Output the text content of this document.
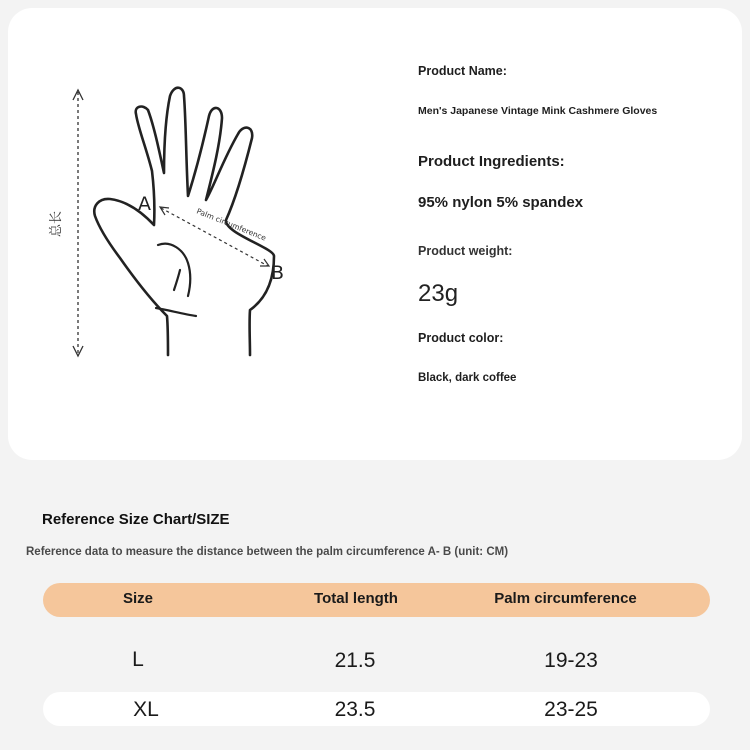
总长
A
B
Palm circumference
Product Name:
Men's Japanese Vintage Mink Cashmere Gloves
Product Ingredients:
95% nylon 5% spandex
Product weight:
23g
Product color:
Black, dark coffee
Reference Size Chart/SIZE
Reference data to measure the distance between the palm circumference A- B (unit: CM)
Size	Total length	Palm circumference
L	21.5	19-23
XL	23.5	23-25
